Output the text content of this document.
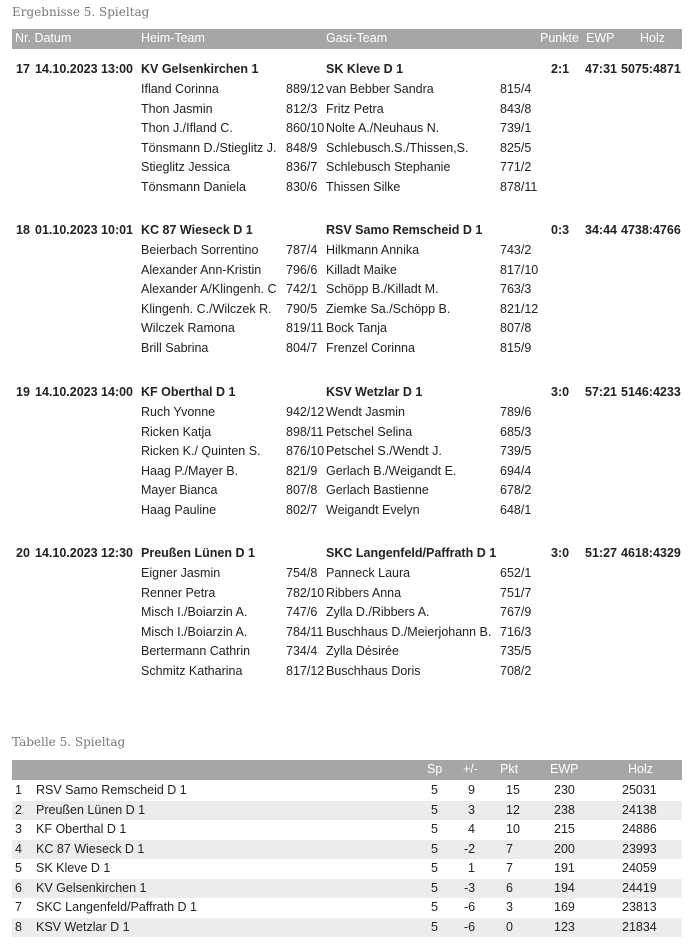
Ergebnisse 5. Spieltag
Nr. Datum	Heim-Team	Gast-Team	Punkte EWP Holz
17 14.10.2023 13:00 KV Gelsenkirchen 1	SK Kleve D 1	2:1 47:31 5075:4871
Ifland Corinna	889/12 van Bebber Sandra	815/4
Thon Jasmin	812/3 Fritz Petra	843/8
Thon J./Ifland C.	860/10 Nolte A./Neuhaus N.	739/1
Tönsmann D./Stieglitz J. 848/9 Schlebusch.S./Thissen,S.	825/5
Stieglitz Jessica	836/7 Schlebusch Stephanie	771/2
Tönsmann Daniela	830/6 Thissen Silke	878/11
18 01.10.2023 10:01 KC 87 Wieseck D 1	RSV Samo Remscheid D 1	0:3 34:44 4738:4766
Beierbach Sorrentino 787/4 Hilkmann Annika	743/2
Alexander Ann-Kristin 796/6 Killadt Maike	817/10
Alexander A/Klingenh. C 742/1 Schöpp B./Killadt M.	763/3
Klingenh. C./Wilczek R. 790/5 Ziemke Sa./Schöpp B.	821/12
Wilczek Ramona	819/11 Bock Tanja	807/8
Brill Sabrina	804/7 Frenzel Corinna	815/9
19 14.10.2023 14:00 KF Oberthal D 1	KSV Wetzlar D 1	3:0 57:21 5146:4233
Ruch Yvonne	942/12 Wendt Jasmin	789/6
Ricken Katja	898/11 Petschel Selina	685/3
Ricken K./ Quinten S. 876/10 Petschel S./Wendt J.	739/5
Haag P./Mayer B.	821/9 Gerlach B./Weigandt E.	694/4
Mayer Bianca	807/8 Gerlach Bastienne	678/2
Haag Pauline	802/7 Weigandt Evelyn	648/1
20 14.10.2023 12:30 Preußen Lünen D 1	SKC Langenfeld/Paffrath D 1	3:0 51:27 4618:4329
Eigner Jasmin	754/8 Panneck Laura	652/1
Renner Petra	782/10 Ribbers Anna	751/7
Misch I./Boiarzin A.	747/6 Zylla D./Ribbers A.	767/9
Misch I./Boiarzin A.	784/11 Buschhaus D./Meierjohann B. 716/3
Bertermann Cathrin	734/4 Zylla Désirée	735/5
Schmitz Katharina	817/12 Buschhaus Doris	708/2
Tabelle 5. Spieltag
Sp +/- Pkt	EWP	Holz
1 RSV Samo Remscheid D 1	5 9 15	230	25031
2 Preußen Lünen D 1	5 3 12	238	24138
3 KF Oberthal D 1	5 4 10	215	24886
4 KC 87 Wieseck D 1	5 -2 7	200	23993
5 SK Kleve D 1	5 1 7	191	24059
6 KV Gelsenkirchen 1	5 -3 6	194	24419
7 SKC Langenfeld/Paffrath D 1	5 -6 3	169	23813
8 KSV Wetzlar D 1	5 -6 0	123	21834
